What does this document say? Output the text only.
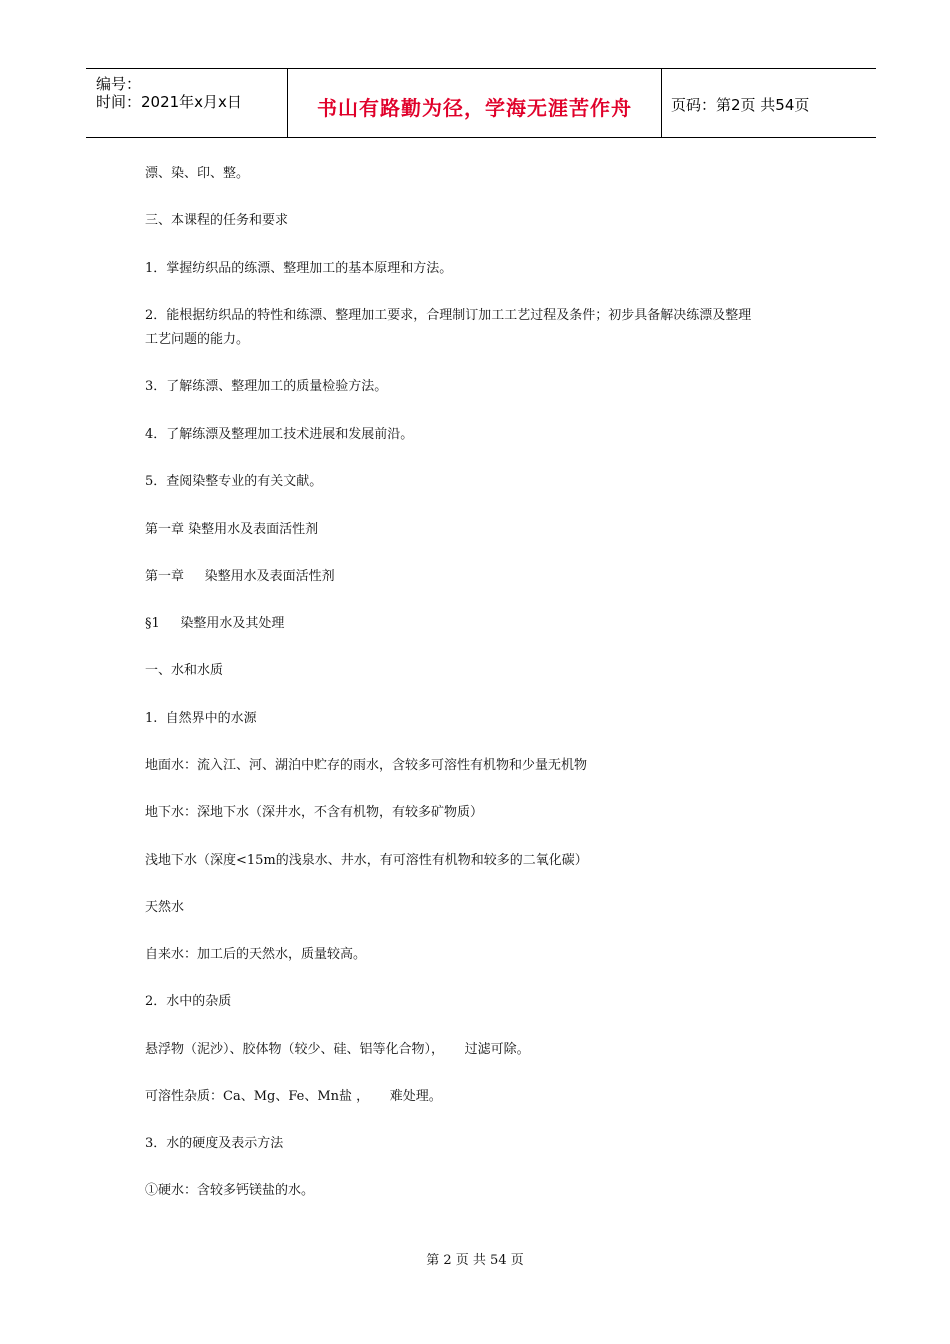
编号：
时间：2021年x月x日	书山有路勤为径，学海无涯苦作舟	页码：第2页 共54页
漂、染、印、整。
三、本课程的任务和要求
1．掌握纺织品的练漂、整理加工的基本原理和方法。
2．能根据纺织品的特性和练漂、整理加工要求，合理制订加工工艺过程及条件；初步具备解决练漂及整理
工艺问题的能力。
3．了解练漂、整理加工的质量检验方法。
4．了解练漂及整理加工技术进展和发展前沿。
5．查阅染整专业的有关文献。
第一章 染整用水及表面活性剂
第一章     染整用水及表面活性剂
§1     染整用水及其处理
一、水和水质
1.  自然界中的水源
地面水：流入江、河、湖泊中贮存的雨水，含较多可溶性有机物和少量无机物
地下水：深地下水（深井水，不含有机物，有较多矿物质）
浅地下水（深度<15m的浅泉水、井水，有可溶性有机物和较多的二氧化碳）
天然水
自来水：加工后的天然水，质量较高。
2．水中的杂质
悬浮物（泥沙）、胶体物（较少、硅、铝等化合物），     过滤可除。
可溶性杂质：Ca、Mg、Fe、Mn盐 ，     难处理。
3．水的硬度及表示方法
①硬水：含较多钙镁盐的水。
第 2 页 共 54 页
